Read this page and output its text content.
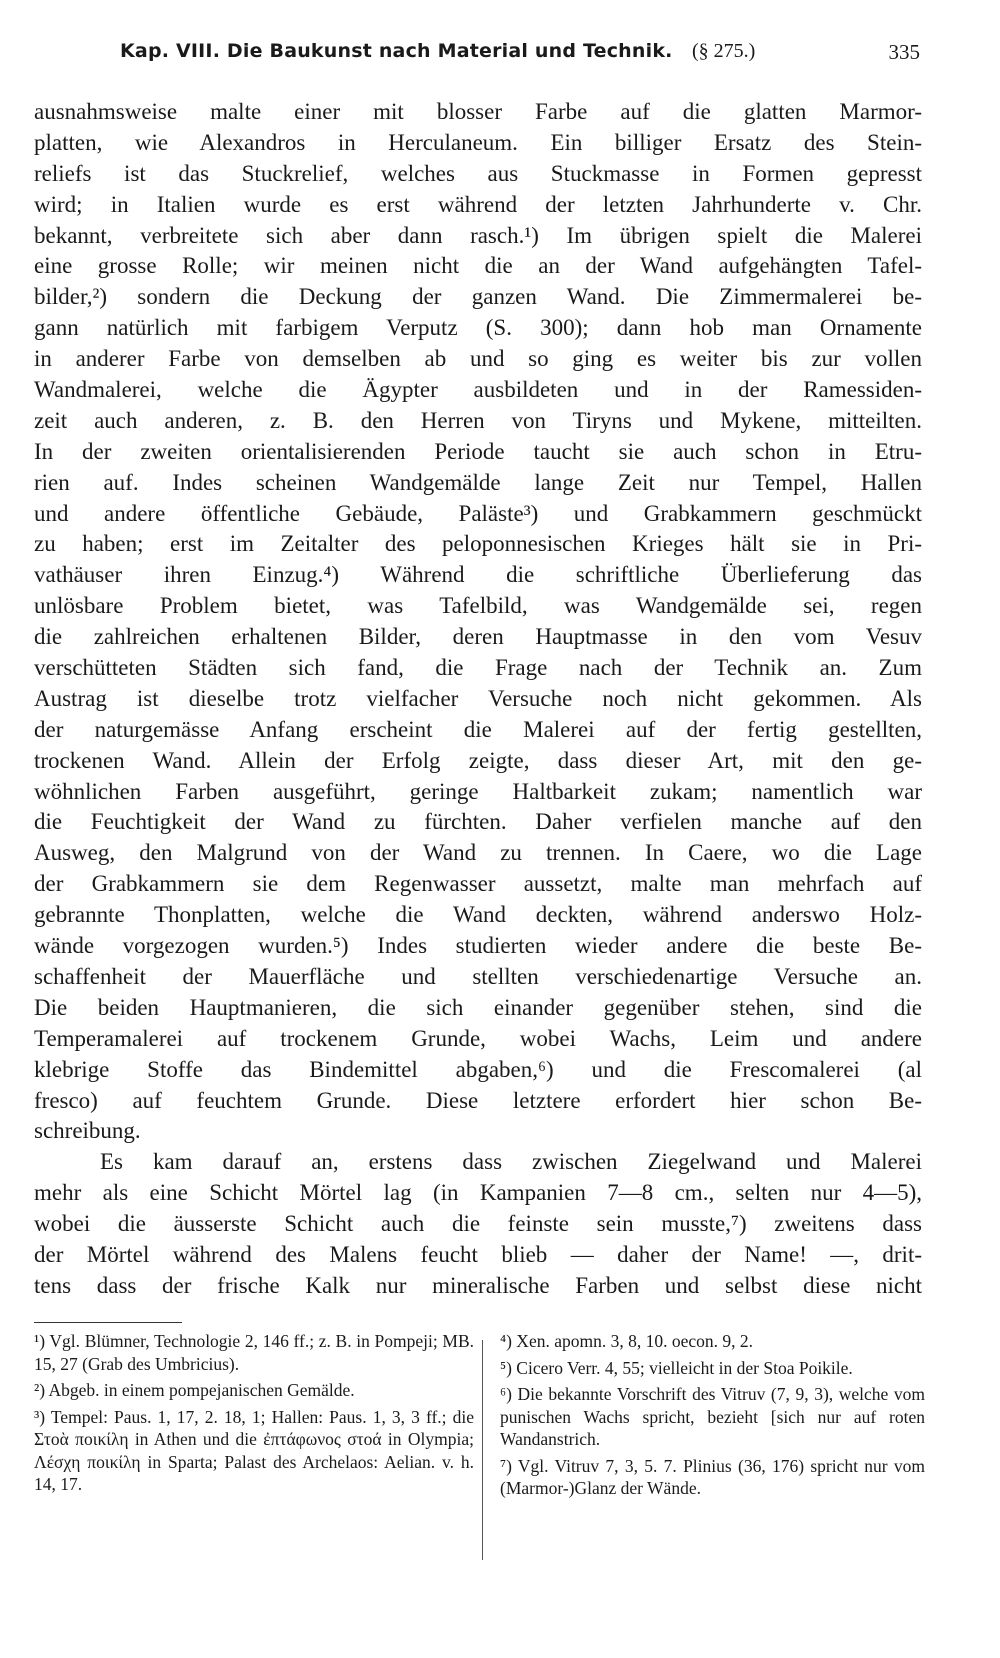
Kap. VIII. Die Baukunst nach Material und Technik. (§ 275.)	335
ausnahmsweise malte einer mit blosser Farbe auf die glatten Marmor-
platten, wie Alexandros in Herculaneum. Ein billiger Ersatz des Stein-
reliefs ist das Stuckrelief, welches aus Stuckmasse in Formen gepresst
wird; in Italien wurde es erst während der letzten Jahrhunderte v. Chr.
bekannt, verbreitete sich aber dann rasch.¹) Im übrigen spielt die Malerei
eine grosse Rolle; wir meinen nicht die an der Wand aufgehängten Tafel-
bilder,²) sondern die Deckung der ganzen Wand. Die Zimmermalerei be-
gann natürlich mit farbigem Verputz (S. 300); dann hob man Ornamente
in anderer Farbe von demselben ab und so ging es weiter bis zur vollen
Wandmalerei, welche die Ägypter ausbildeten und in der Ramessiden-
zeit auch anderen, z. B. den Herren von Tiryns und Mykene, mitteilten.
In der zweiten orientalisierenden Periode taucht sie auch schon in Etru-
rien auf. Indes scheinen Wandgemälde lange Zeit nur Tempel, Hallen
und andere öffentliche Gebäude, Paläste³) und Grabkammern geschmückt
zu haben; erst im Zeitalter des peloponnesischen Krieges hält sie in Pri-
vathäuser ihren Einzug.⁴) Während die schriftliche Überlieferung das
unlösbare Problem bietet, was Tafelbild, was Wandgemälde sei, regen
die zahlreichen erhaltenen Bilder, deren Hauptmasse in den vom Vesuv
verschütteten Städten sich fand, die Frage nach der Technik an. Zum
Austrag ist dieselbe trotz vielfacher Versuche noch nicht gekommen. Als
der naturgemässe Anfang erscheint die Malerei auf der fertig gestellten,
trockenen Wand. Allein der Erfolg zeigte, dass dieser Art, mit den ge-
wöhnlichen Farben ausgeführt, geringe Haltbarkeit zukam; namentlich war
die Feuchtigkeit der Wand zu fürchten. Daher verfielen manche auf den
Ausweg, den Malgrund von der Wand zu trennen. In Caere, wo die Lage
der Grabkammern sie dem Regenwasser aussetzt, malte man mehrfach auf
gebrannte Thonplatten, welche die Wand deckten, während anderswo Holz-
wände vorgezogen wurden.⁵) Indes studierten wieder andere die beste Be-
schaffenheit der Mauerfläche und stellten verschiedenartige Versuche an.
Die beiden Hauptmanieren, die sich einander gegenüber stehen, sind die
Temperamalerei auf trockenem Grunde, wobei Wachs, Leim und andere
klebrige Stoffe das Bindemittel abgaben,⁶) und die Frescomalerei (al
fresco) auf feuchtem Grunde. Diese letztere erfordert hier schon Be-
schreibung.
Es kam darauf an, erstens dass zwischen Ziegelwand und Malerei
mehr als eine Schicht Mörtel lag (in Kampanien 7—8 cm., selten nur 4—5),
wobei die äusserste Schicht auch die feinste sein musste,⁷) zweitens dass
der Mörtel während des Malens feucht blieb — daher der Name! —, drit-
tens dass der frische Kalk nur mineralische Farben und selbst diese nicht
¹) Vgl. Blümner, Technologie 2, 146 ff.; z. B. in Pompeji; MB. 15, 27 (Grab des Umbricius).
²) Abgeb. in einem pompejanischen Gemälde.
³) Tempel: Paus. 1, 17, 2. 18, 1; Hallen: Paus. 1, 3, 3 ff.; die Στοὰ ποικίλη in Athen und die ἐπτάφωνος στοά in Olympia; Λέσχη ποικίλη in Sparta; Palast des Archelaos: Aelian. v. h. 14, 17.
⁴) Xen. apomn. 3, 8, 10. oecon. 9, 2.
⁵) Cicero Verr. 4, 55; vielleicht in der Stoa Poikile.
⁶) Die bekannte Vorschrift des Vitruv (7, 9, 3), welche vom punischen Wachs spricht, bezieht [sich nur auf roten Wandanstrich.
⁷) Vgl. Vitruv 7, 3, 5. 7. Plinius (36, 176) spricht nur vom (Marmor-)Glanz der Wände.
